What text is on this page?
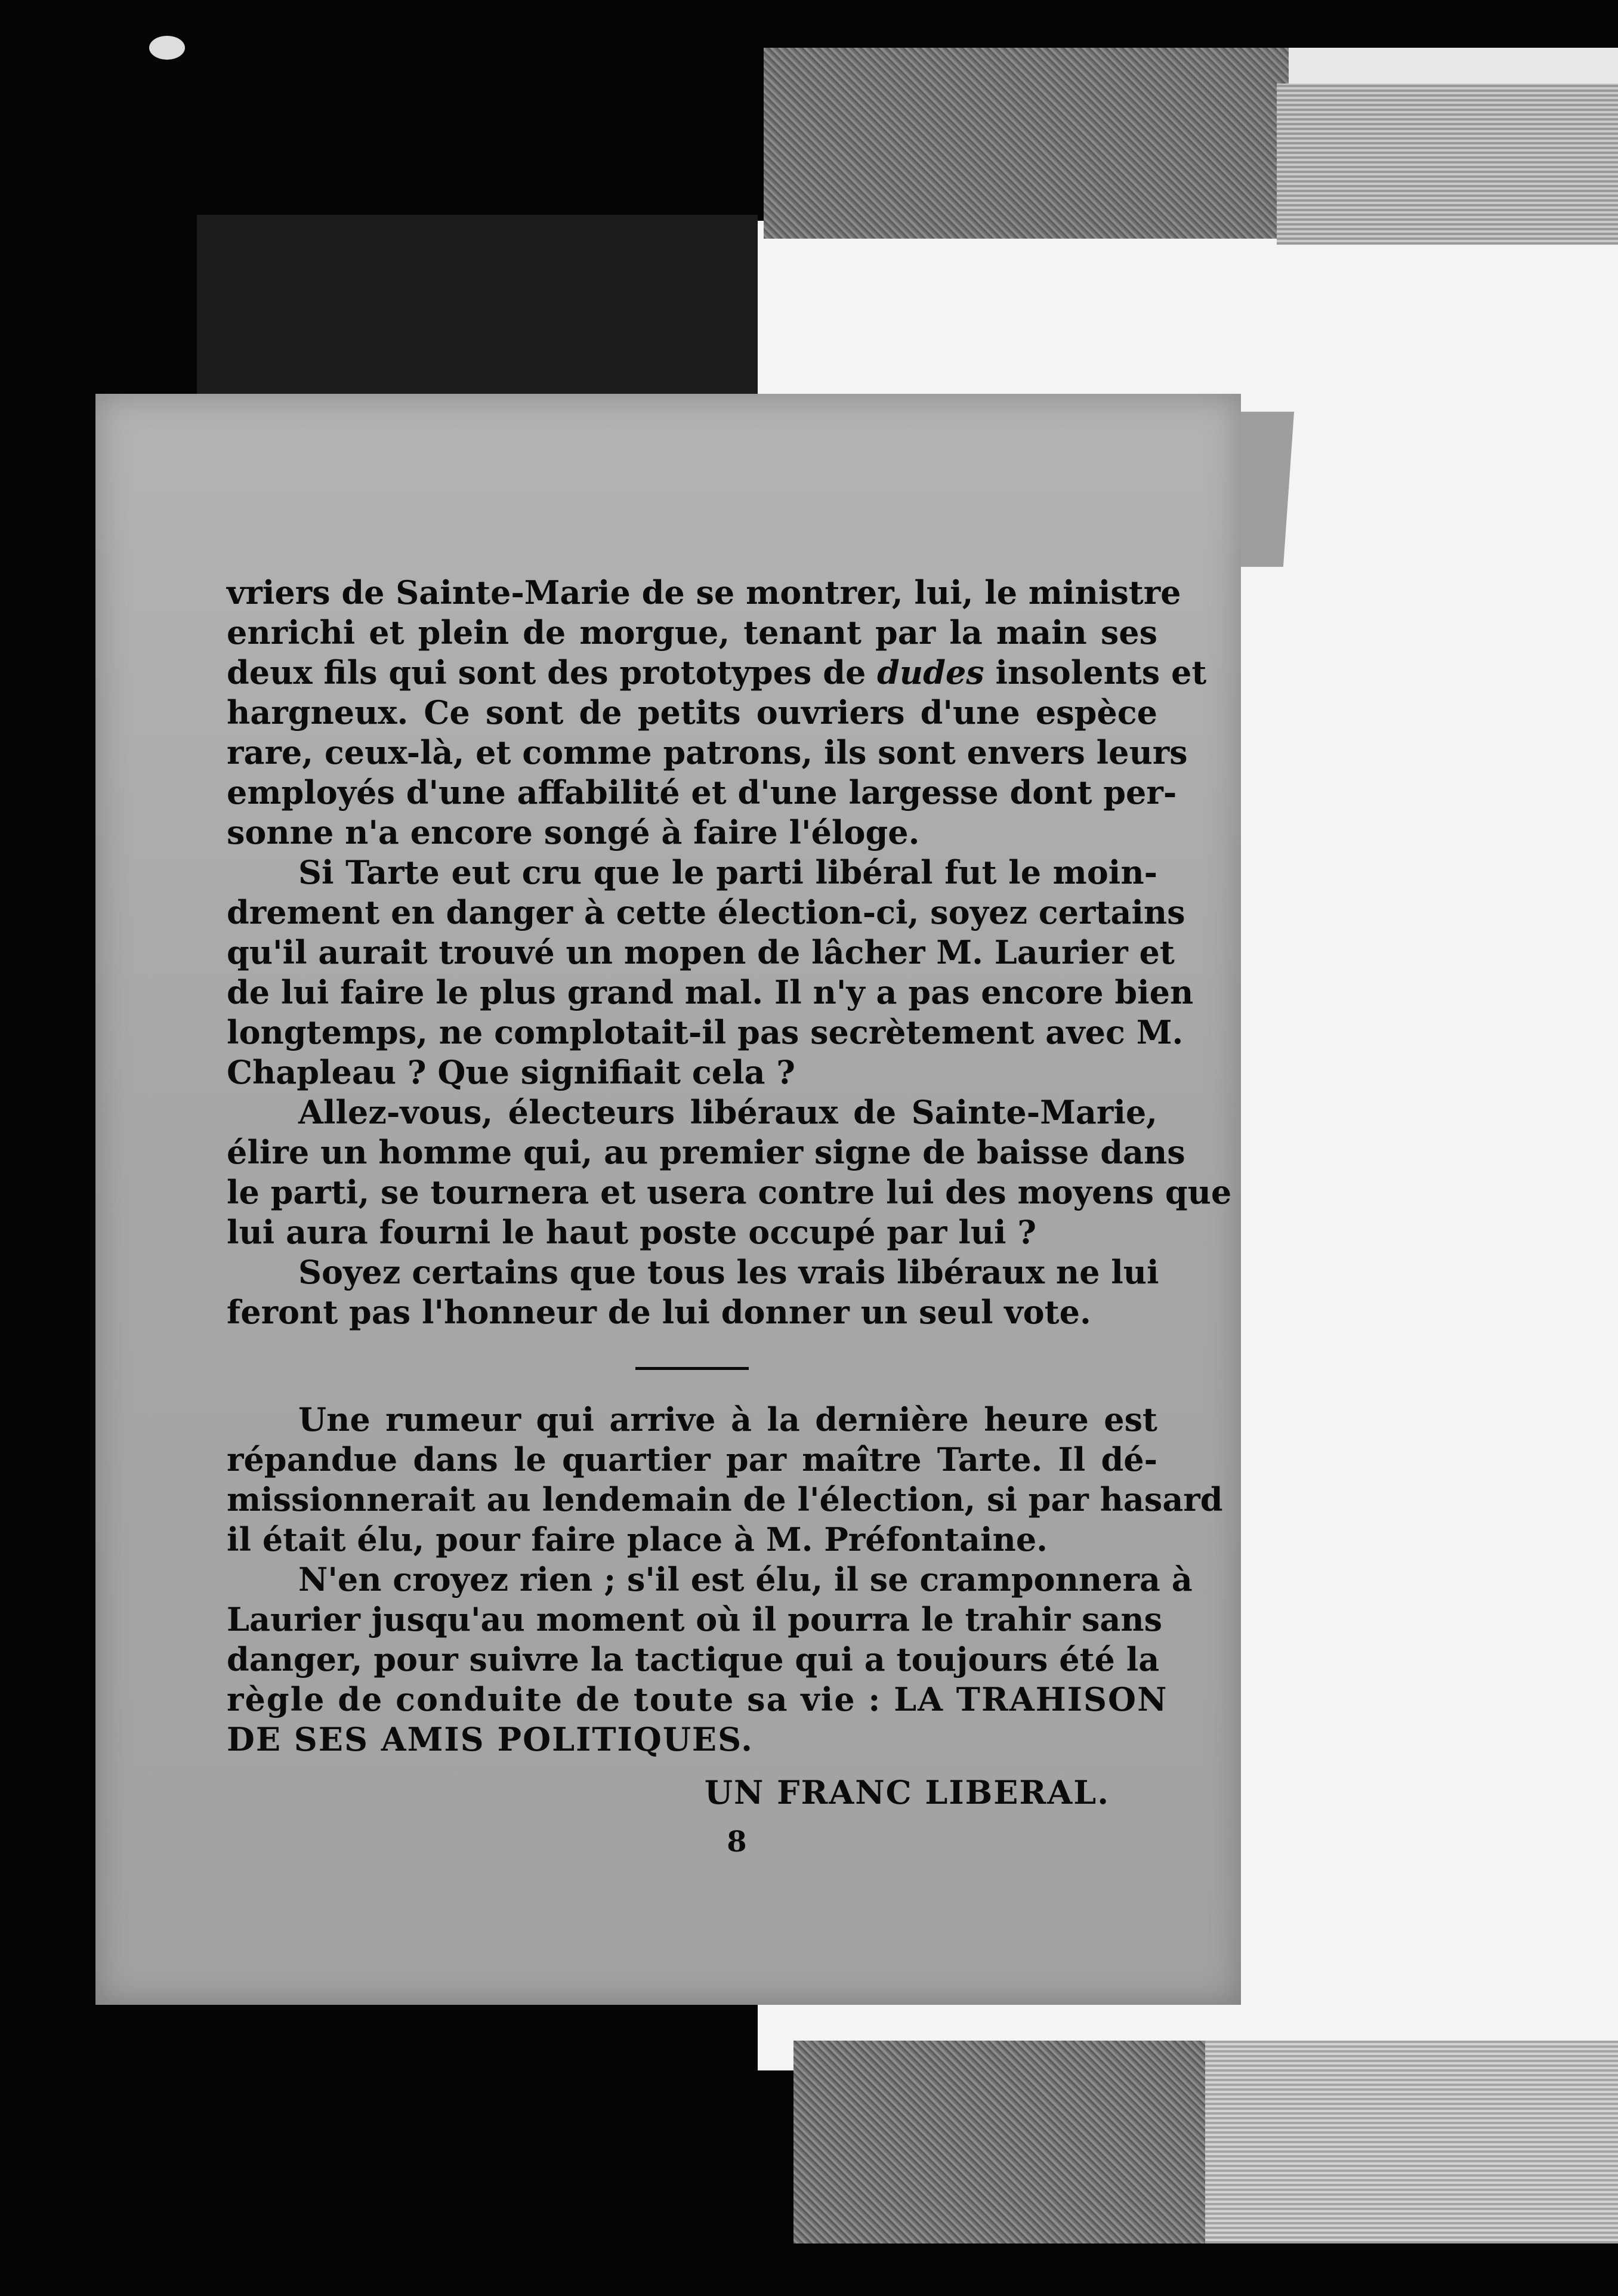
vriers de Sainte-Marie de se montrer, lui, le ministre
enrichi et plein de morgue, tenant par la main ses
deux fils qui sont des prototypes de dudes insolents et
hargneux. Ce sont de petits ouvriers d'une espèce
rare, ceux-là, et comme patrons, ils sont envers leurs
employés d'une affabilité et d'une largesse dont per-
sonne n'a encore songé à faire l'éloge.
Si Tarte eut cru que le parti libéral fut le moin-
drement en danger à cette élection-ci, soyez certains
qu'il aurait trouvé un mopen de lâcher M. Laurier et
de lui faire le plus grand mal. Il n'y a pas encore bien
longtemps, ne complotait-il pas secrètement avec M.
Chapleau ? Que signifiait cela ?
Allez-vous, électeurs libéraux de Sainte-Marie,
élire un homme qui, au premier signe de baisse dans
le parti, se tournera et usera contre lui des moyens que
lui aura fourni le haut poste occupé par lui ?
Soyez certains que tous les vrais libéraux ne lui
feront pas l'honneur de lui donner un seul vote.
Une rumeur qui arrive à la dernière heure est
répandue dans le quartier par maître Tarte. Il dé-
missionnerait au lendemain de l'élection, si par hasard
il était élu, pour faire place à M. Préfontaine.
N'en croyez rien ; s'il est élu, il se cramponnera à
Laurier jusqu'au moment où il pourra le trahir sans
danger, pour suivre la tactique qui a toujours été la
règle de conduite de toute sa vie : LA TRAHISON
DE SES AMIS POLITIQUES.
UN FRANC LIBERAL.
8
